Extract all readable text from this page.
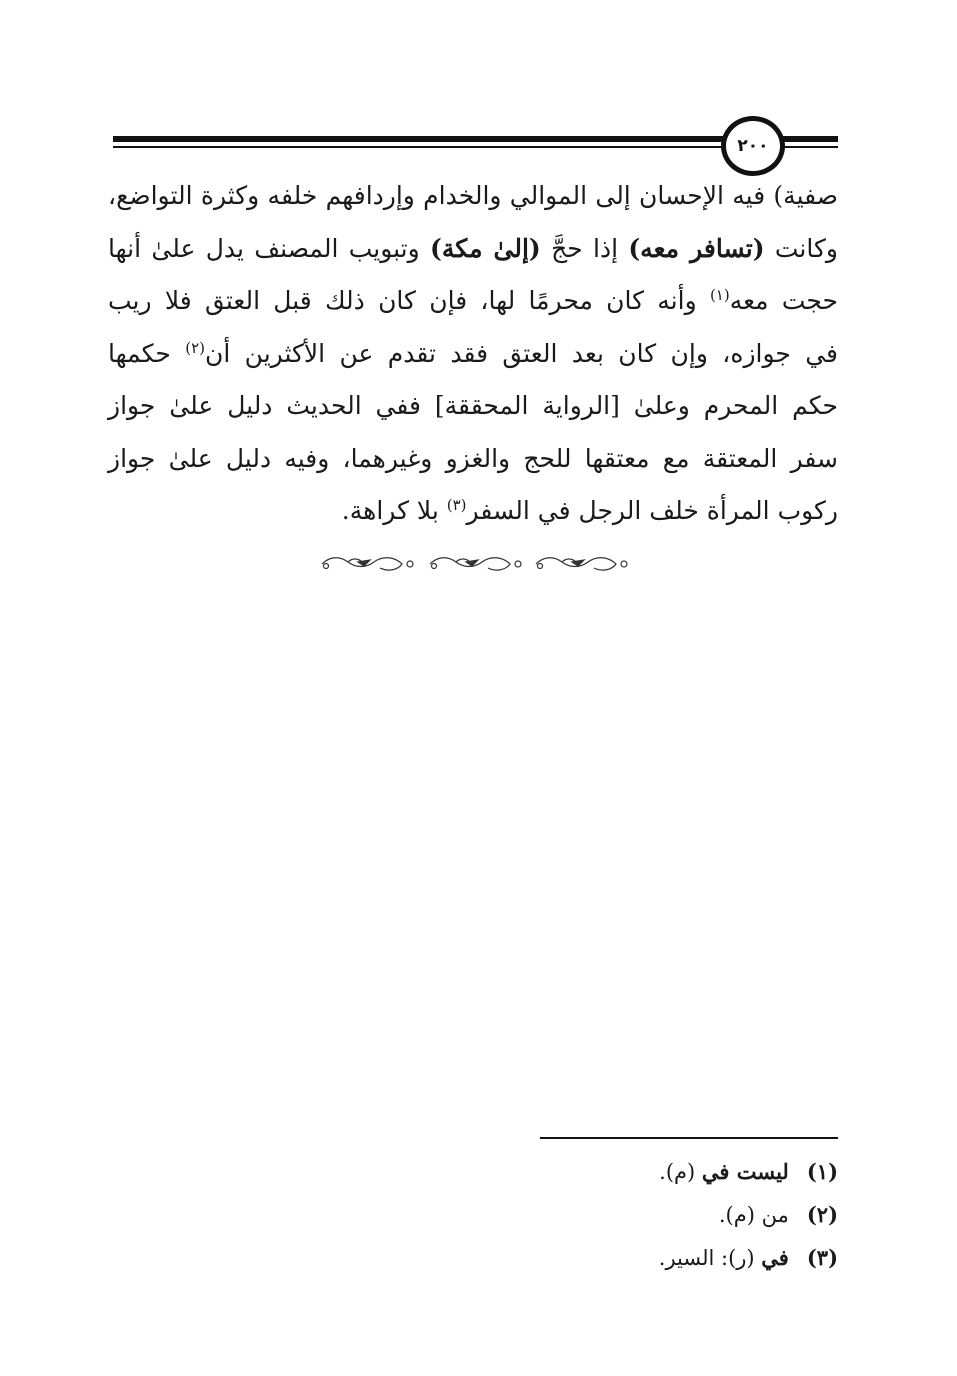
٢٠٠
صفية) فيه الإحسان إلى الموالي والخدام وإردافهم خلفه وكثرة التواضع،
وكانت (تسافر معه) إذا حجَّ (إلىٰ مكة) وتبويب المصنف يدل علىٰ أنها
حجت معه$^{(١)}$ وأنه كان محرمًا لها، فإن كان ذلك قبل العتق فلا ريب
في جوازه، وإن كان بعد العتق فقد تقدم عن الأكثرين أن$^{(٢)}$ حكمها
حكم المحرم وعلىٰ [الرواية المحققة] ففي الحديث دليل علىٰ جواز
سفر المعتقة مع معتقها للحج والغزو وغيرهما، وفيه دليل علىٰ جواز
ركوب المرأة خلف الرجل في السفر$^{(٣)}$ بلا كراهة.
(١)ليست في (م).
(٢)من (م).
(٣)في (ر): السير.
